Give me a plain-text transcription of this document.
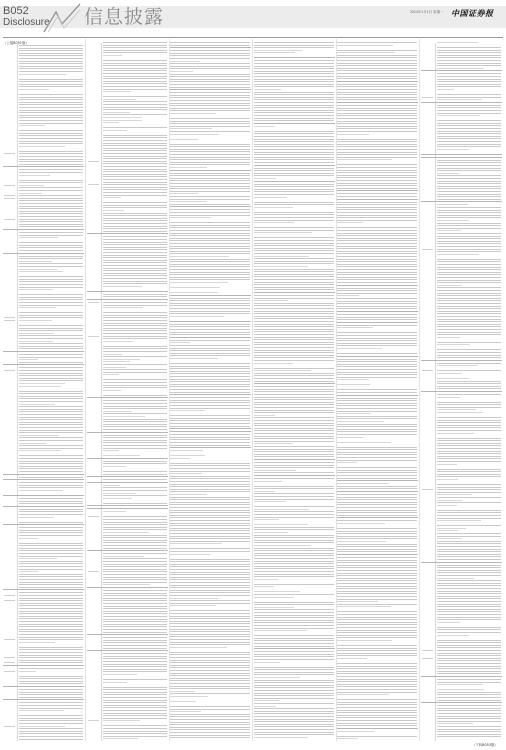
B052
Disclosure 信息披露	2024年1月1日 星期一 中国证券报
（上接B051版）
（下转B053版）
